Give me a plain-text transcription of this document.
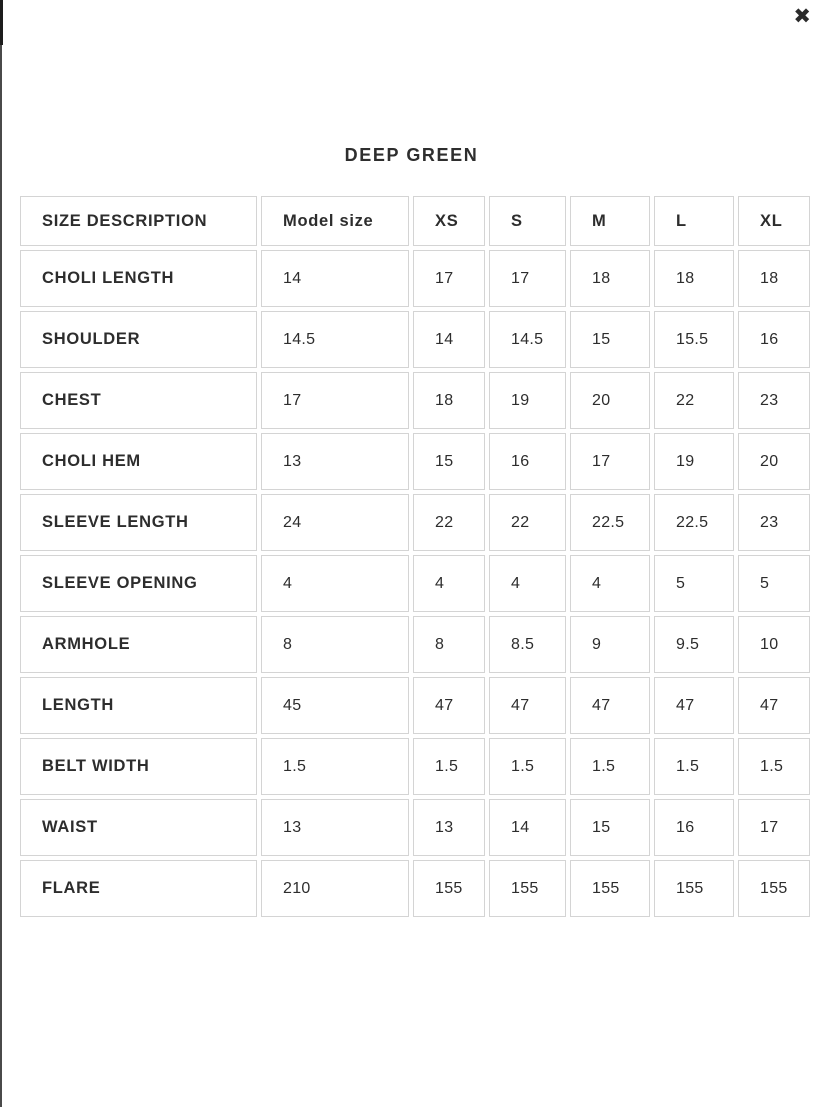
✖
DEEP GREEN
SIZE DESCRIPTION	Model size	XS	S	M	L	XL
CHOLI LENGTH	14	17	17	18	18	18
SHOULDER	14.5	14	14.5	15	15.5	16
CHEST	17	18	19	20	22	23
CHOLI HEM	13	15	16	17	19	20
SLEEVE LENGTH	24	22	22	22.5	22.5	23
SLEEVE OPENING	4	4	4	4	5	5
ARMHOLE	8	8	8.5	9	9.5	10
LENGTH	45	47	47	47	47	47
BELT WIDTH	1.5	1.5	1.5	1.5	1.5	1.5
WAIST	13	13	14	15	16	17
FLARE	210	155	155	155	155	155
